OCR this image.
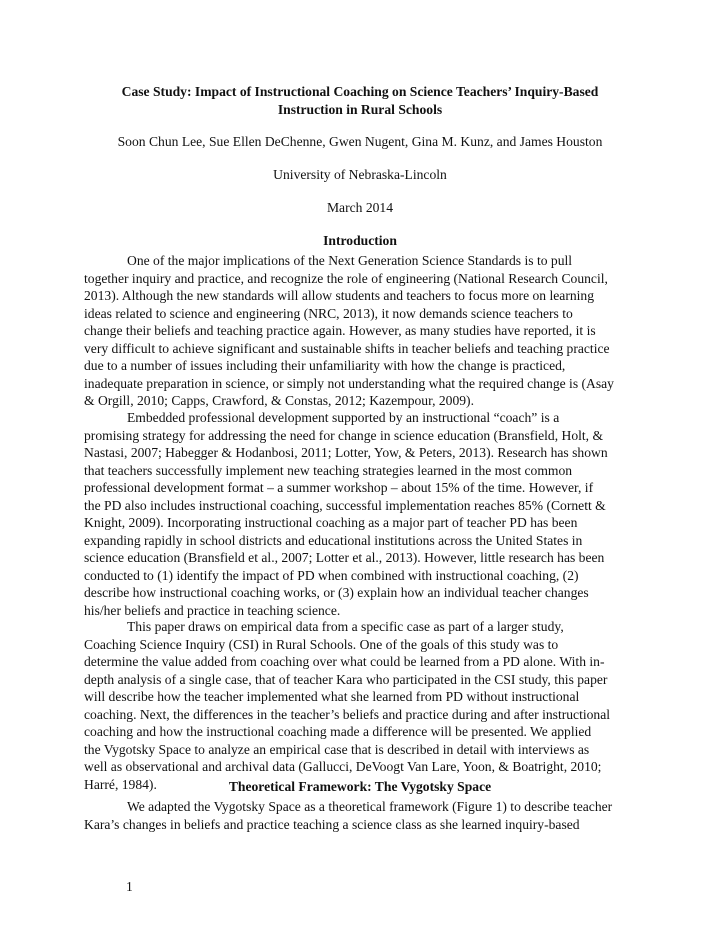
Case Study: Impact of Instructional Coaching on Science Teachers’ Inquiry-Based
Instruction in Rural Schools
Soon Chun Lee, Sue Ellen DeChenne, Gwen Nugent, Gina M. Kunz, and James Houston
University of Nebraska-Lincoln
March 2014
Introduction
One of the major implications of the Next Generation Science Standards is to pull
together inquiry and practice, and recognize the role of engineering (National Research Council,
2013). Although the new standards will allow students and teachers to focus more on learning
ideas related to science and engineering (NRC, 2013), it now demands science teachers to
change their beliefs and teaching practice again. However, as many studies have reported, it is
very difficult to achieve significant and sustainable shifts in teacher beliefs and teaching practice
due to a number of issues including their unfamiliarity with how the change is practiced,
inadequate preparation in science, or simply not understanding what the required change is (Asay
& Orgill, 2010; Capps, Crawford, & Constas, 2012; Kazempour, 2009).
Embedded professional development supported by an instructional “coach” is a
promising strategy for addressing the need for change in science education (Bransfield, Holt, &
Nastasi, 2007; Habegger & Hodanbosi, 2011; Lotter, Yow, & Peters, 2013). Research has shown
that teachers successfully implement new teaching strategies learned in the most common
professional development format – a summer workshop – about 15% of the time. However, if
the PD also includes instructional coaching, successful implementation reaches 85% (Cornett &
Knight, 2009). Incorporating instructional coaching as a major part of teacher PD has been
expanding rapidly in school districts and educational institutions across the United States in
science education (Bransfield et al., 2007; Lotter et al., 2013). However, little research has been
conducted to (1) identify the impact of PD when combined with instructional coaching, (2)
describe how instructional coaching works, or (3) explain how an individual teacher changes
his/her beliefs and practice in teaching science.
This paper draws on empirical data from a specific case as part of a larger study,
Coaching Science Inquiry (CSI) in Rural Schools. One of the goals of this study was to
determine the value added from coaching over what could be learned from a PD alone. With in-
depth analysis of a single case, that of teacher Kara who participated in the CSI study, this paper
will describe how the teacher implemented what she learned from PD without instructional
coaching. Next, the differences in the teacher’s beliefs and practice during and after instructional
coaching and how the instructional coaching made a difference will be presented. We applied
the Vygotsky Space to analyze an empirical case that is described in detail with interviews as
well as observational and archival data (Gallucci, DeVoogt Van Lare, Yoon, & Boatright, 2010;
Harré, 1984).	Theoretical Framework: The Vygotsky Space
We adapted the Vygotsky Space as a theoretical framework (Figure 1) to describe teacher
Kara’s changes in beliefs and practice teaching a science class as she learned inquiry-based
1
